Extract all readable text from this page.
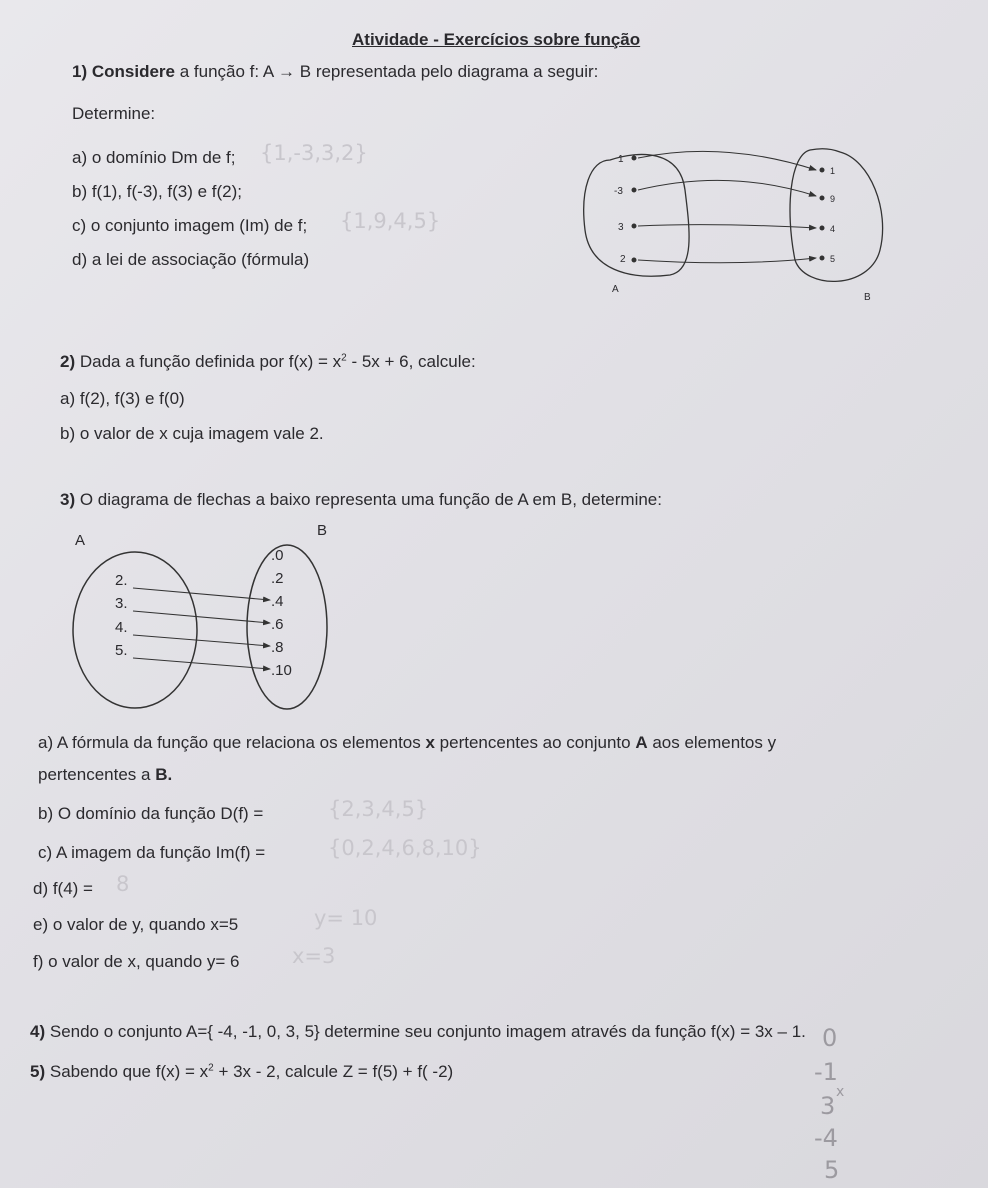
Atividade - Exercícios sobre função
1) Considere a função f: A → B representada pelo diagrama a seguir:
Determine:
a) o domínio Dm de f; {1,-3,3,2}
b) f(1), f(-3), f(3) e f(2);
c) o conjunto imagem (Im) de f; {1,9,4,5}
d) a lei de associação (fórmula)
1
-3
3
2
1
9
4
5
A
B
2) Dada a função definida por $f(x) = x^2 - 5x + 6$, calcule:
a) f(2), f(3) e f(0)
b) o valor de x cuja imagem vale 2.
3) O diagrama de flechas a baixo representa uma função de A em B, determine:
A
B
2.
3.
4.
5.
.0
.2
.4
.6
.8
.10
a) A fórmula da função que relaciona os elementos x pertencentes ao conjunto A aos elementos y
pertencentes a B.
b) O domínio da função D(f) =	{2,3,4,5}
c) A imagem da função Im(f) =	{0,2,4,6,8,10}
d) f(4) = 8
e) o valor de y, quando x=5	y= 10
f) o valor de x, quando y= 6	x=3
4) Sendo o conjunto A={ -4, -1, 0, 3, 5} determine seu conjunto imagem através da função f(x) = 3x – 1.
5) Sabendo que $f(x) = x^2 + 3x - 2$, calcule Z = f(5) + f( -2)
0
-1
3 x
-4
5
